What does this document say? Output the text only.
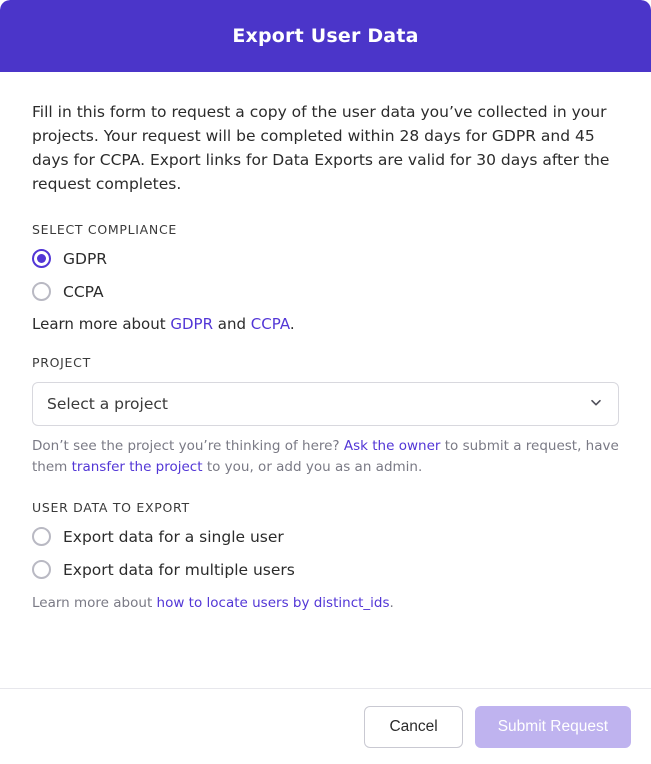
Export User Data

Fill in this form to request a copy of the user data you’ve collected in your projects. Your request will be completed within 28 days for GDPR and 45 days for CCPA. Export links for Data Exports are valid for 30 days after the request completes.

SELECT COMPLIANCE
GDPR
CCPA

Learn more about GDPR and CCPA.

PROJECT
Select a project

Don’t see the project you’re thinking of here? Ask the owner to submit a request, have them transfer the project to you, or add you as an admin.

USER DATA TO EXPORT
Export data for a single user
Export data for multiple users

Learn more about how to locate users by distinct_ids.

Cancel	Submit Request
